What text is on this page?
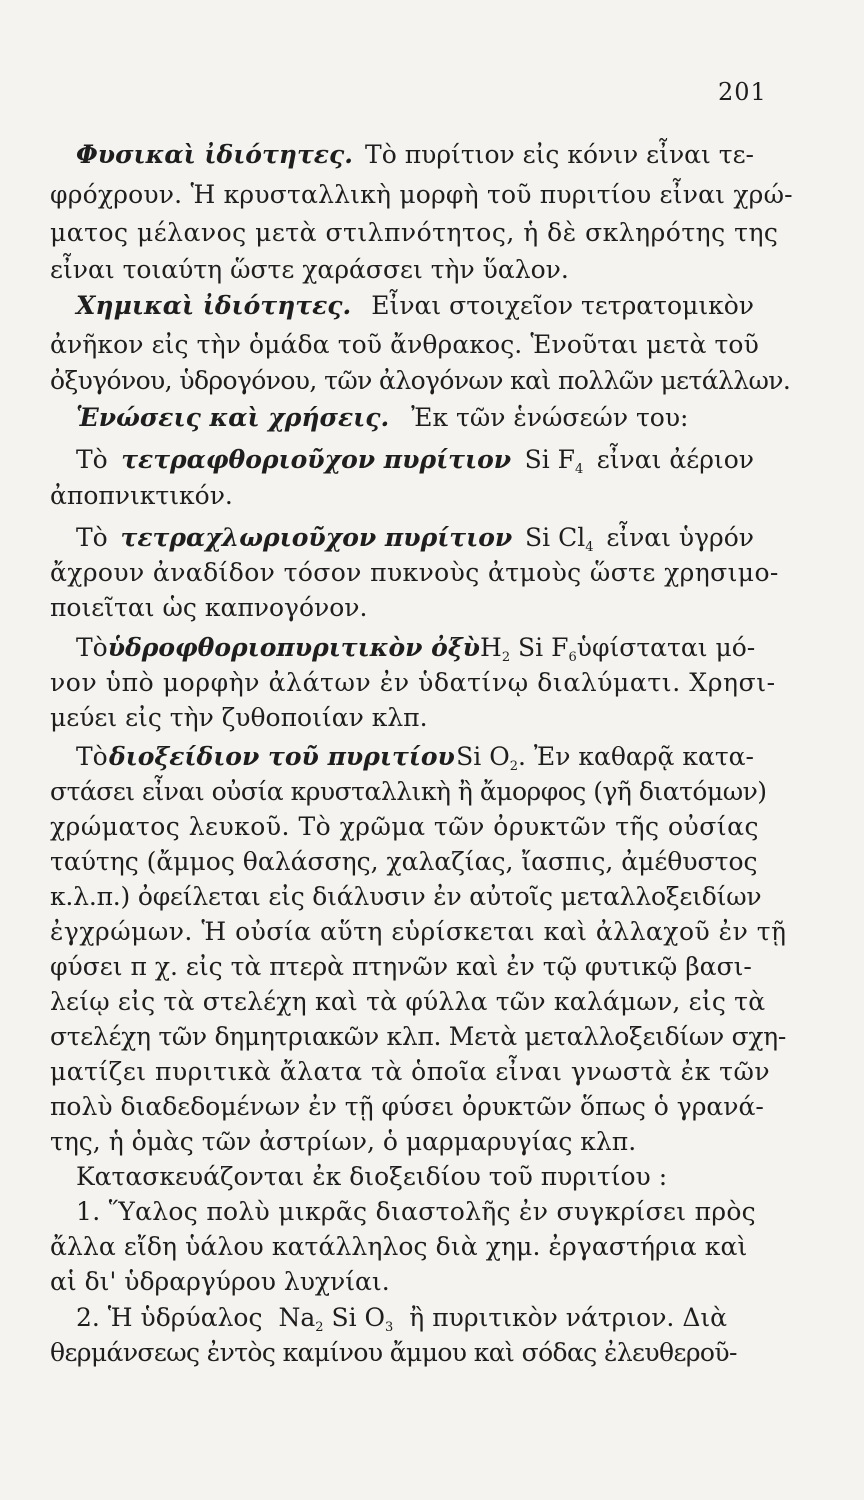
201
Φυσικαὶ ἰδιότητες. Τὸ πυρίτιον εἰς κόνιν εἶναι τε-
φρόχρουν. Ἡ κρυσταλλικὴ μορφὴ τοῦ πυριτίου εἶναι χρώ-
ματος μέλανος μετὰ στιλπνότητος, ἡ δὲ σκληρότης της
εἶναι τοιαύτη ὥστε χαράσσει τὴν ὕαλον.
Χημικαὶ ἰδιότητες. Εἶναι στοιχεῖον τετρατομικὸν
ἀνῆκον εἰς τὴν ὁμάδα τοῦ ἄνθρακος. Ἑνοῦται μετὰ τοῦ
ὀξυγόνου, ὑδρογόνου, τῶν ἀλογόνων καὶ πολλῶν μετάλλων.
Ἑνώσεις καὶ χρήσεις. Ἐκ τῶν ἑνώσεών του:
Τὸ τετραφθοριοῦχον πυρίτιον Si F4 εἶναι ἀέριον
ἀποπνικτικόν.
Τὸ τετραχλωριοῦχον πυρίτιον Si Cl4 εἶναι ὑγρόν
ἄχρουν ἀναδίδον τόσον πυκνοὺς ἀτμοὺς ὥστε χρησιμο-
ποιεῖται ὡς καπνογόνον.
Τὸ ὑδροφθοριοπυριτικὸν ὀξὺ H2 Si F6 ὑφίσταται μό-
νον ὑπὸ μορφὴν ἀλάτων ἐν ὑδατίνῳ διαλύματι. Χρησι-
μεύει εἰς τὴν ζυθοποιίαν κλπ.
Τὸ διοξείδιον τοῦ πυριτίου Si O2. Ἐν καθαρᾷ κατα-
στάσει εἶναι οὐσία κρυσταλλικὴ ἢ ἄμορφος (γῆ διατόμων)
χρώματος λευκοῦ. Τὸ χρῶμα τῶν ὀρυκτῶν τῆς οὐσίας
ταύτης (ἄμμος θαλάσσης, χαλαζίας, ἴασπις, ἀμέθυστος
κ.λ.π.) ὀφείλεται εἰς διάλυσιν ἐν αὐτοῖς μεταλλοξειδίων
ἐγχρώμων. Ἡ οὐσία αὕτη εὑρίσκεται καὶ ἀλλαχοῦ ἐν τῇ
φύσει π χ. εἰς τὰ πτερὰ πτηνῶν καὶ ἐν τῷ φυτικῷ βασι-
λείῳ εἰς τὰ στελέχη καὶ τὰ φύλλα τῶν καλάμων, εἰς τὰ
στελέχη τῶν δημητριακῶν κλπ. Μετὰ μεταλλοξειδίων σχη-
ματίζει πυριτικὰ ἄλατα τὰ ὁποῖα εἶναι γνωστὰ ἐκ τῶν
πολὺ διαδεδομένων ἐν τῇ φύσει ὀρυκτῶν ὅπως ὁ γρανά-
της, ἡ ὁμὰς τῶν ἀστρίων, ὁ μαρμαρυγίας κλπ.
Κατασκευάζονται ἐκ διοξειδίου τοῦ πυριτίου :
1. Ὕαλος πολὺ μικρᾶς διαστολῆς ἐν συγκρίσει πρὸς
ἄλλα εἴδη ὑάλου κατάλληλος διὰ χημ. ἐργαστήρια καὶ
αἱ δι' ὑδραργύρου λυχνίαι.
2. Ἡ ὑδρύαλος $Na_2$ Si $O_3$ ἢ πυριτικὸν νάτριον. Διὰ
θερμάνσεως ἐντὸς καμίνου ἄμμου καὶ σόδας ἐλευθεροῦ-
